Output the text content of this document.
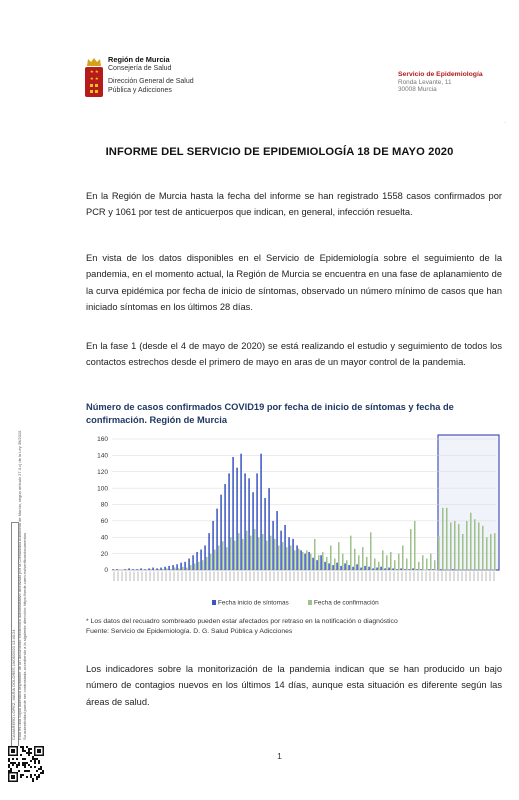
Región de Murcia
Consejería de Salud
Dirección General de Salud
Pública y Adicciones
Servicio de Epidemiología
Ronda Levante, 11
30008 Murcia
·
INFORME DEL SERVICIO DE EPIDEMIOLOGÍA 18 DE MAYO 2020
En la Región de Murcia hasta la fecha del informe se han registrado 1558 casos confirmados por PCR y 1061 por test de anticuerpos que indican, en general, infección resuelta.
En vista de los datos disponibles en el Servicio de Epidemiología sobre el seguimiento de la pandemia, en el momento actual, la Región de Murcia se encuentra en una fase de aplanamiento de la curva epidémica por fecha de inicio de síntomas, observado un número mínimo de casos que han iniciado síntomas en los últimos 28 días.
En la fase 1 (desde el 4 de mayo de 2020) se está realizando el estudio y seguimiento de todos los contactos estrechos desde el primero de mayo en aras de un mayor control de la pandemia.
Número de casos confirmados COVID19 por fecha de inicio de síntomas y fecha de confirmación. Región de Murcia
0
20
40
60
80
100
120
140
160
Fecha inicio de síntomas	Fecha de confirmación
* Los datos del recuadro sombreado pueden estar afectados por retraso en la notificación o diagnóstico
Fuente: Servicio de Epidemiología. D. G. Salud Pública y Adicciones
Los indicadores sobre la monitorización de la pandemia indican que se han producido un bajo número de contagios nuevos en los últimos 14 días, aunque esta situación es diferente según las áreas de salud.
1
CAMARERO LOPEZ, MARIA DOLORES 19/05/2020 13:40:24 Esta es una copia auténtica imprimible de un documento electrónico administrativo archivado por la Comunidad Autónoma de Murcia, según artículo 27.3.c) de la Ley 39/2015. Su autenticidad puede ser contrastada accediendo a la siguiente dirección: https://sede.carm.es/verificardocumentos
